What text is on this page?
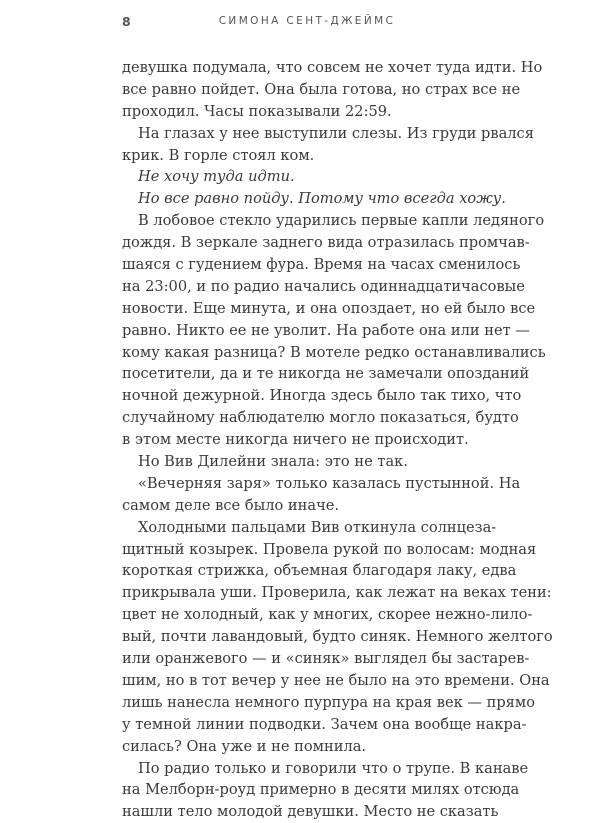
8	СИМОНА СЕНТ-ДЖЕЙМС
девушка подумала, что совсем не хочет туда идти. Но
все равно пойдет. Она была готова, но страх все не
проходил. Часы показывали 22:59.
На глазах у нее выступили слезы. Из груди рвался
крик. В горле стоял ком.
Не хочу туда идти.
Но все равно пойду. Потому что всегда хожу.
В лобовое стекло ударились первые капли ледяного
дождя. В зеркале заднего вида отразилась промчав-
шаяся с гудением фура. Время на часах сменилось
на 23:00, и по радио начались одиннадцатичасовые
новости. Еще минута, и она опоздает, но ей было все
равно. Никто ее не уволит. На работе она или нет —
кому какая разница? В мотеле редко останавливались
посетители, да и те никогда не замечали опозданий
ночной дежурной. Иногда здесь было так тихо, что
случайному наблюдателю могло показаться, будто
в этом месте никогда ничего не происходит.
Но Вив Дилейни знала: это не так.
«Вечерняя заря» только казалась пустынной. На
самом деле все было иначе.
Холодными пальцами Вив откинула солнцеза-
щитный козырек. Провела рукой по волосам: модная
короткая стрижка, объемная благодаря лаку, едва
прикрывала уши. Проверила, как лежат на веках тени:
цвет не холодный, как у многих, скорее нежно-лило-
вый, почти лавандовый, будто синяк. Немного желтого
или оранжевого — и «синяк» выглядел бы застарев-
шим, но в тот вечер у нее не было на это времени. Она
лишь нанесла немного пурпура на края век — прямо
у темной линии подводки. Зачем она вообще накра-
силась? Она уже и не помнила.
По радио только и говорили что о трупе. В канаве
на Мелборн-роуд примерно в десяти милях отсюда
нашли тело молодой девушки. Место не сказать
